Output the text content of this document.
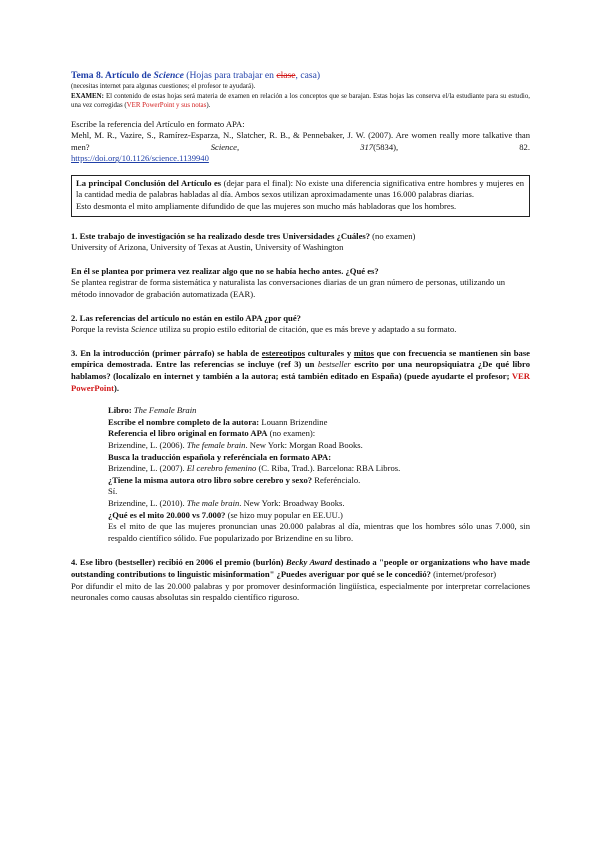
Tema 8. Artículo de Science (Hojas para trabajar en clase, casa)

(necesitas internet para algunas cuestiones; el profesor te ayudará).

EXAMEN: El contenido de estas hojas será materia de examen en relación a los conceptos que se barajan. Estas hojas las conserva el/la estudiante para su estudio, una vez corregidas (VER PowerPoint y sus notas).

Escribe la referencia del Artículo en formato APA:

Mehl, M. R., Vazire, S., Ramírez-Esparza, N., Slatcher, R. B., & Pennebaker, J. W. (2007). Are women really more talkative than men?	Science,	317(5834), 82.

https://doi.org/10.1126/science.1139940

La principal Conclusión del Artículo es (dejar para el final): No existe una diferencia significativa entre hombres y mujeres en la cantidad media de palabras habladas al día. Ambos sexos utilizan aproximadamente unas 16.000 palabras diarias.

Esto desmonta el mito ampliamente difundido de que las mujeres son mucho más habladoras que los hombres.

1. Este trabajo de investigación se ha realizado desde tres Universidades ¿Cuáles? (no examen)

University of Arizona, University of Texas at Austin, University of Washington

En él se plantea por primera vez realizar algo que no se había hecho antes. ¿Qué es?

Se plantea registrar de forma sistemática y naturalista las conversaciones diarias de un gran número de personas, utilizando un método innovador de grabación automatizada (EAR).

2. Las referencias del artículo no están en estilo APA ¿por qué?

Porque la revista Science utiliza su propio estilo editorial de citación, que es más breve y adaptado a su formato.

3. En la introducción (primer párrafo) se habla de estereotipos culturales y mitos que con frecuencia se mantienen sin base empírica demostrada. Entre las referencias se incluye (ref 3) un bestseller escrito por una neuropsiquiatra ¿De qué libro hablamos? (localízalo en internet y también a la autora; está también editado en España) (puede ayudarte el profesor; VER PowerPoint).

Libro: The Female Brain

Escribe el nombre completo de la autora: Louann Brizendine

Referencia el libro original en formato APA (no examen):

Brizendine, L. (2006). The female brain. New York: Morgan Road Books.

Busca la traducción española y referénciala en formato APA:

Brizendine, L. (2007). El cerebro femenino (C. Riba, Trad.). Barcelona: RBA Libros.

¿Tiene la misma autora otro libro sobre cerebro y sexo? Referéncialo.

Sí.

Brizendine, L. (2010). The male brain. New York: Broadway Books.

¿Qué es el mito 20.000 vs 7.000? (se hizo muy popular en EE.UU.)

Es el mito de que las mujeres pronuncian unas 20.000 palabras al día, mientras que los hombres sólo unas 7.000, sin respaldo científico sólido. Fue popularizado por Brizendine en su libro.

4. Ese libro (bestseller) recibió en 2006 el premio (burlón) Becky Award destinado a "people or organizations who have made outstanding contributions to linguistic misinformation" ¿Puedes averiguar por qué se le concedió? (internet/profesor)

Por difundir el mito de las 20.000 palabras y por promover desinformación lingüística, especialmente por interpretar correlaciones neuronales como causas absolutas sin respaldo científico riguroso.
